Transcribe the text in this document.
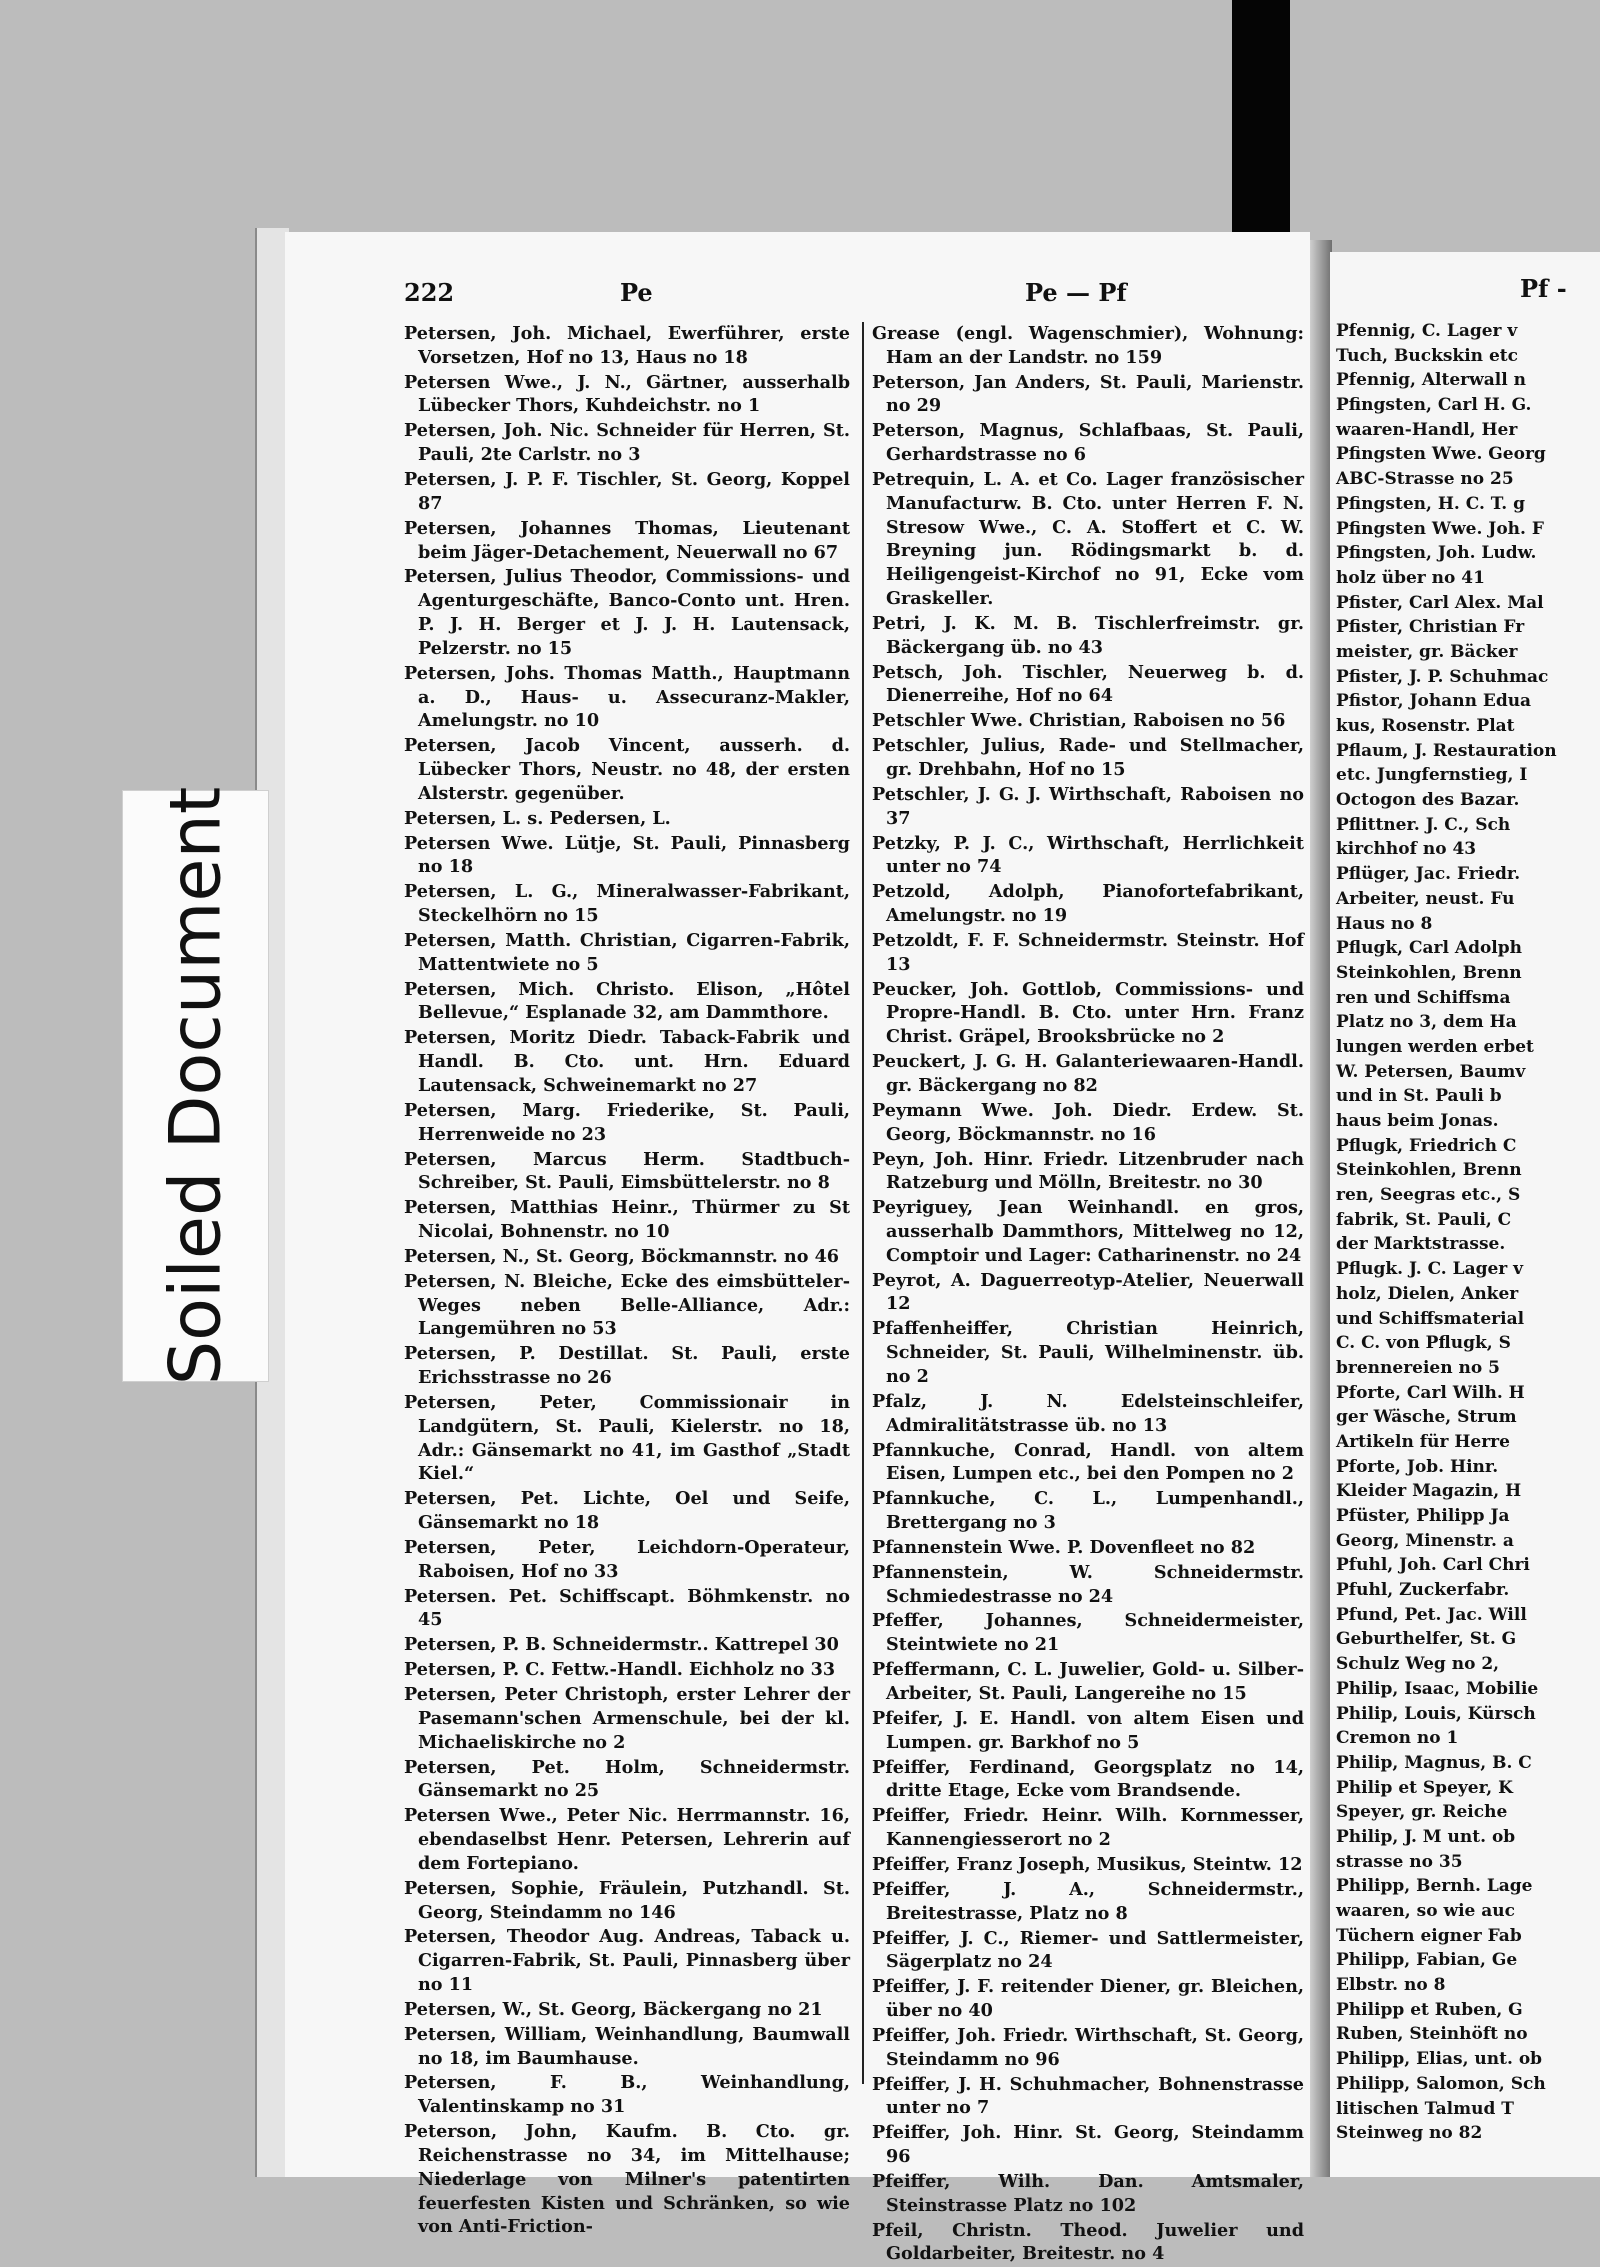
Pf -
Pfennig, C. Lager v
Tuch, Buckskin etc
Pfennig, Alterwall n
Pfingsten, Carl H. G.
waaren-Handl, Her
Pfingsten Wwe. Georg
ABC-Strasse no 25
Pfingsten, H. C. T. g
Pfingsten Wwe. Joh. F
Pfingsten, Joh. Ludw.
holz über no 41
Pfister, Carl Alex. Mal
Pfister, Christian Fr
meister, gr. Bäcker
Pfister, J. P. Schuhmac
Pfistor, Johann Edua
kus, Rosenstr. Plat
Pflaum, J. Restauration
etc. Jungfernstieg, I
Octogon des Bazar.
Pflittner. J. C., Sch
kirchhof no 43
Pflüger, Jac. Friedr.
Arbeiter, neust. Fu
Haus no 8
Pflugk, Carl Adolph
Steinkohlen, Brenn
ren und Schiffsma
Platz no 3, dem Ha
lungen werden erbet
W. Petersen, Baumv
und in St. Pauli b
haus beim Jonas.
Pflugk, Friedrich C
Steinkohlen, Brenn
ren, Seegras etc., S
fabrik, St. Pauli, C
der Marktstrasse.
Pflugk. J. C. Lager v
holz, Dielen, Anker
und Schiffsmaterial
C. C. von Pflugk, S
brennereien no 5
Pforte, Carl Wilh. H
ger Wäsche, Strum
Artikeln für Herre
Pforte, Job. Hinr.
Kleider Magazin, H
Pfüster, Philipp Ja
Georg, Minenstr. a
Pfuhl, Joh. Carl Chri
Pfuhl, Zuckerfabr.
Pfund, Pet. Jac. Will
Geburthelfer, St. G
Schulz Weg no 2,
Philip, Isaac, Mobilie
Philip, Louis, Kürsch
Cremon no 1
Philip, Magnus, B. C
Philip et Speyer, K
Speyer, gr. Reiche
Philip, J. M unt. ob
strasse no 35
Philipp, Bernh. Lage
waaren, so wie auc
Tüchern eigner Fab
Philipp, Fabian, Ge
Elbstr. no 8
Philipp et Ruben, G
Ruben, Steinhöft no
Philipp, Elias, unt. ob
Philipp, Salomon, Sch
litischen Talmud T
Steinweg no 82
Soiled Document
222	Pe	Pe — Pf
Petersen, Joh. Michael, Ewerführer, erste Vorsetzen, Hof no 13, Haus no 18
Petersen Wwe., J. N., Gärtner, ausserhalb Lübecker Thors, Kuhdeichstr. no 1
Petersen, Joh. Nic. Schneider für Herren, St. Pauli, 2te Carlstr. no 3
Petersen, J. P. F. Tischler, St. Georg, Koppel 87
Petersen, Johannes Thomas, Lieutenant beim Jäger-Detachement, Neuerwall no 67
Petersen, Julius Theodor, Commissions- und Agenturgeschäfte, Banco-Conto unt. Hren. P. J. H. Berger et J. J. H. Lautensack, Pelzerstr. no 15
Petersen, Johs. Thomas Matth., Hauptmann a. D., Haus- u. Assecuranz-Makler, Amelungstr. no 10
Petersen, Jacob Vincent, ausserh. d. Lübecker Thors, Neustr. no 48, der ersten Alsterstr. gegenüber.
Petersen, L. s. Pedersen, L.
Petersen Wwe. Lütje, St. Pauli, Pinnasberg no 18
Petersen, L. G., Mineralwasser-Fabrikant, Steckelhörn no 15
Petersen, Matth. Christian, Cigarren-Fabrik, Mattentwiete no 5
Petersen, Mich. Christo. Elison, „Hôtel Bellevue,“ Esplanade 32, am Dammthore.
Petersen, Moritz Diedr. Taback-Fabrik und Handl. B. Cto. unt. Hrn. Eduard Lautensack, Schweinemarkt no 27
Petersen, Marg. Friederike, St. Pauli, Herrenweide no 23
Petersen, Marcus Herm. Stadtbuch-Schreiber, St. Pauli, Eimsbüttelerstr. no 8
Petersen, Matthias Heinr., Thürmer zu St Nicolai, Bohnenstr. no 10
Petersen, N., St. Georg, Böckmannstr. no 46
Petersen, N. Bleiche, Ecke des eimsbütteler-Weges neben Belle-Alliance, Adr.: Langemühren no 53
Petersen, P. Destillat. St. Pauli, erste Erichsstrasse no 26
Petersen, Peter, Commissionair in Landgütern, St. Pauli, Kielerstr. no 18, Adr.: Gänsemarkt no 41, im Gasthof „Stadt Kiel.“
Petersen, Pet. Lichte, Oel und Seife, Gänsemarkt no 18
Petersen, Peter, Leichdorn-Operateur, Raboisen, Hof no 33
Petersen. Pet. Schiffscapt. Böhmkenstr. no 45
Petersen, P. B. Schneidermstr.. Kattrepel 30
Petersen, P. C. Fettw.-Handl. Eichholz no 33
Petersen, Peter Christoph, erster Lehrer der Pasemann'schen Armenschule, bei der kl. Michaeliskirche no 2
Petersen, Pet. Holm, Schneidermstr. Gänsemarkt no 25
Petersen Wwe., Peter Nic. Herrmannstr. 16, ebendaselbst Henr. Petersen, Lehrerin auf dem Fortepiano.
Petersen, Sophie, Fräulein, Putzhandl. St. Georg, Steindamm no 146
Petersen, Theodor Aug. Andreas, Taback u. Cigarren-Fabrik, St. Pauli, Pinnasberg über no 11
Petersen, W., St. Georg, Bäckergang no 21
Petersen, William, Weinhandlung, Baumwall no 18, im Baumhause.
Petersen, F. B., Weinhandlung, Valentinskamp no 31
Peterson, John, Kaufm. B. Cto. gr. Reichenstrasse no 34, im Mittelhause; Niederlage von Milner's patentirten feuerfesten Kisten und Schränken, so wie von Anti-Friction-
Grease (engl. Wagenschmier), Wohnung: Ham an der Landstr. no 159
Peterson, Jan Anders, St. Pauli, Marienstr. no 29
Peterson, Magnus, Schlafbaas, St. Pauli, Gerhardstrasse no 6
Petrequin, L. A. et Co. Lager französischer Manufacturw. B. Cto. unter Herren F. N. Stresow Wwe., C. A. Stoffert et C. W. Breyning jun. Rödingsmarkt b. d. Heiligengeist-Kirchof no 91, Ecke vom Graskeller.
Petri, J. K. M. B. Tischlerfreimstr. gr. Bäckergang üb. no 43
Petsch, Joh. Tischler, Neuerweg b. d. Dienerreihe, Hof no 64
Petschler Wwe. Christian, Raboisen no 56
Petschler, Julius, Rade- und Stellmacher, gr. Drehbahn, Hof no 15
Petschler, J. G. J. Wirthschaft, Raboisen no 37
Petzky, P. J. C., Wirthschaft, Herrlichkeit unter no 74
Petzold, Adolph, Pianofortefabrikant, Amelungstr. no 19
Petzoldt, F. F. Schneidermstr. Steinstr. Hof 13
Peucker, Joh. Gottlob, Commissions- und Propre-Handl. B. Cto. unter Hrn. Franz Christ. Gräpel, Brooksbrücke no 2
Peuckert, J. G. H. Galanteriewaaren-Handl. gr. Bäckergang no 82
Peymann Wwe. Joh. Diedr. Erdew. St. Georg, Böckmannstr. no 16
Peyn, Joh. Hinr. Friedr. Litzenbruder nach Ratzeburg und Mölln, Breitestr. no 30
Peyriguey, Jean Weinhandl. en gros, ausserhalb Dammthors, Mittelweg no 12, Comptoir und Lager: Catharinenstr. no 24
Peyrot, A. Daguerreotyp-Atelier, Neuerwall 12
Pfaffenheiffer, Christian Heinrich, Schneider, St. Pauli, Wilhelminenstr. üb. no 2
Pfalz, J. N. Edelsteinschleifer, Admiralitätstrasse üb. no 13
Pfannkuche, Conrad, Handl. von altem Eisen, Lumpen etc., bei den Pompen no 2
Pfannkuche, C. L., Lumpenhandl., Brettergang no 3
Pfannenstein Wwe. P. Dovenfleet no 82
Pfannenstein, W. Schneidermstr. Schmiedestrasse no 24
Pfeffer, Johannes, Schneidermeister, Steintwiete no 21
Pfeffermann, C. L. Juwelier, Gold- u. Silber-Arbeiter, St. Pauli, Langereihe no 15
Pfeifer, J. E. Handl. von altem Eisen und Lumpen. gr. Barkhof no 5
Pfeiffer, Ferdinand, Georgsplatz no 14, dritte Etage, Ecke vom Brandsende.
Pfeiffer, Friedr. Heinr. Wilh. Kornmesser, Kannengiesserort no 2
Pfeiffer, Franz Joseph, Musikus, Steintw. 12
Pfeiffer, J. A., Schneidermstr., Breitestrasse, Platz no 8
Pfeiffer, J. C., Riemer- und Sattlermeister, Sägerplatz no 24
Pfeiffer, J. F. reitender Diener, gr. Bleichen, über no 40
Pfeiffer, Joh. Friedr. Wirthschaft, St. Georg, Steindamm no 96
Pfeiffer, J. H. Schuhmacher, Bohnenstrasse unter no 7
Pfeiffer, Joh. Hinr. St. Georg, Steindamm 96
Pfeiffer, Wilh. Dan. Amtsmaler, Steinstrasse Platz no 102
Pfeil, Christn. Theod. Juwelier und Goldarbeiter, Breitestr. no 4
